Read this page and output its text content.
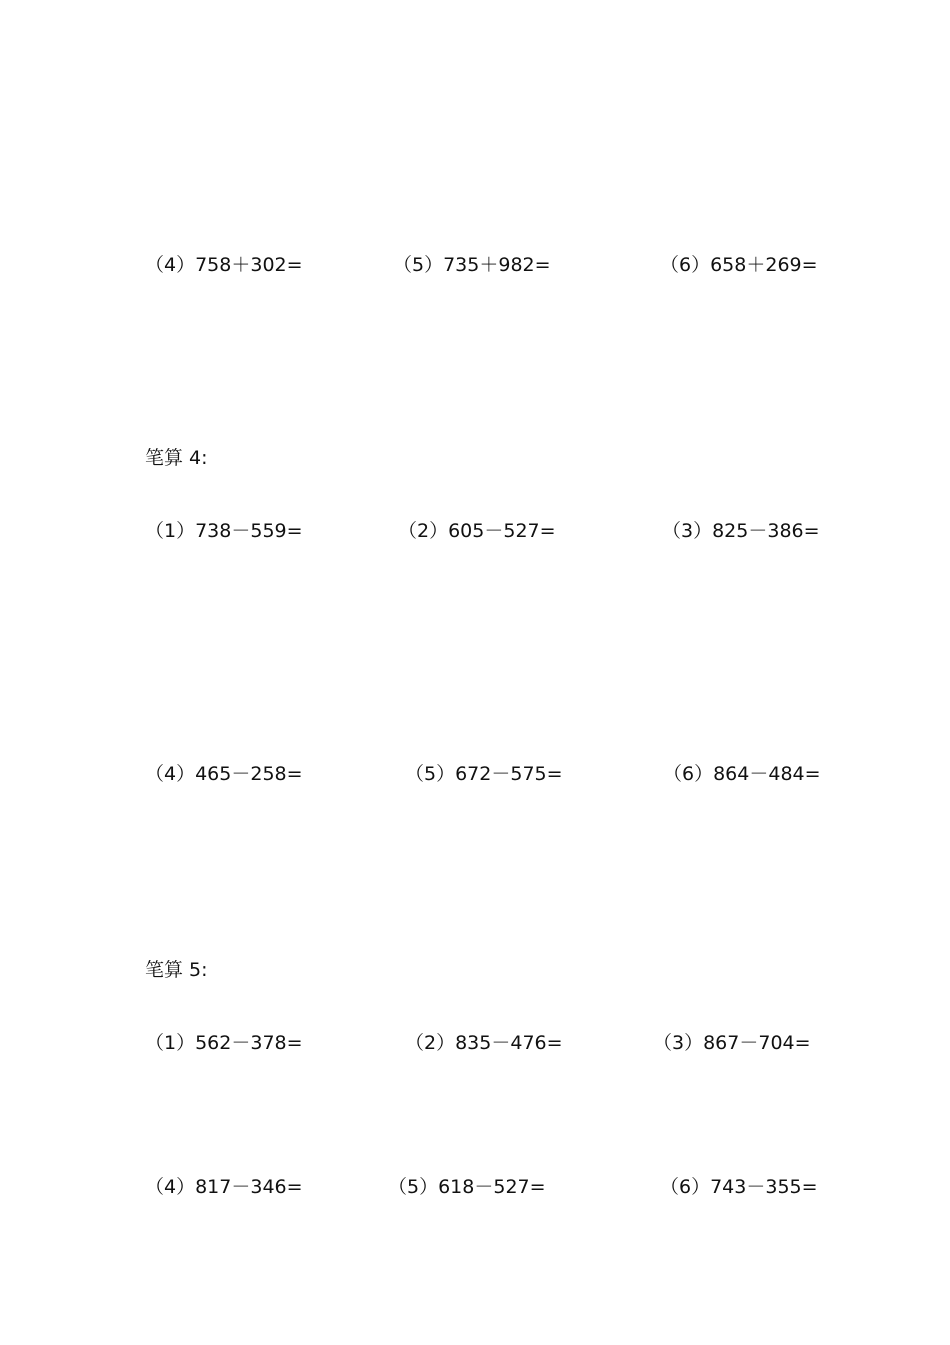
（4）758＋302=	（5）735＋982=	（6）658＋269=
笔算 4:
（1）738－559=	（2）605－527=	（3）825－386=
（4）465－258=	（5）672－575=	（6）864－484=
笔算 5:
（1）562－378=	（2）835－476=	（3）867－704=
（4）817－346=	（5）618－527=	（6）743－355=
